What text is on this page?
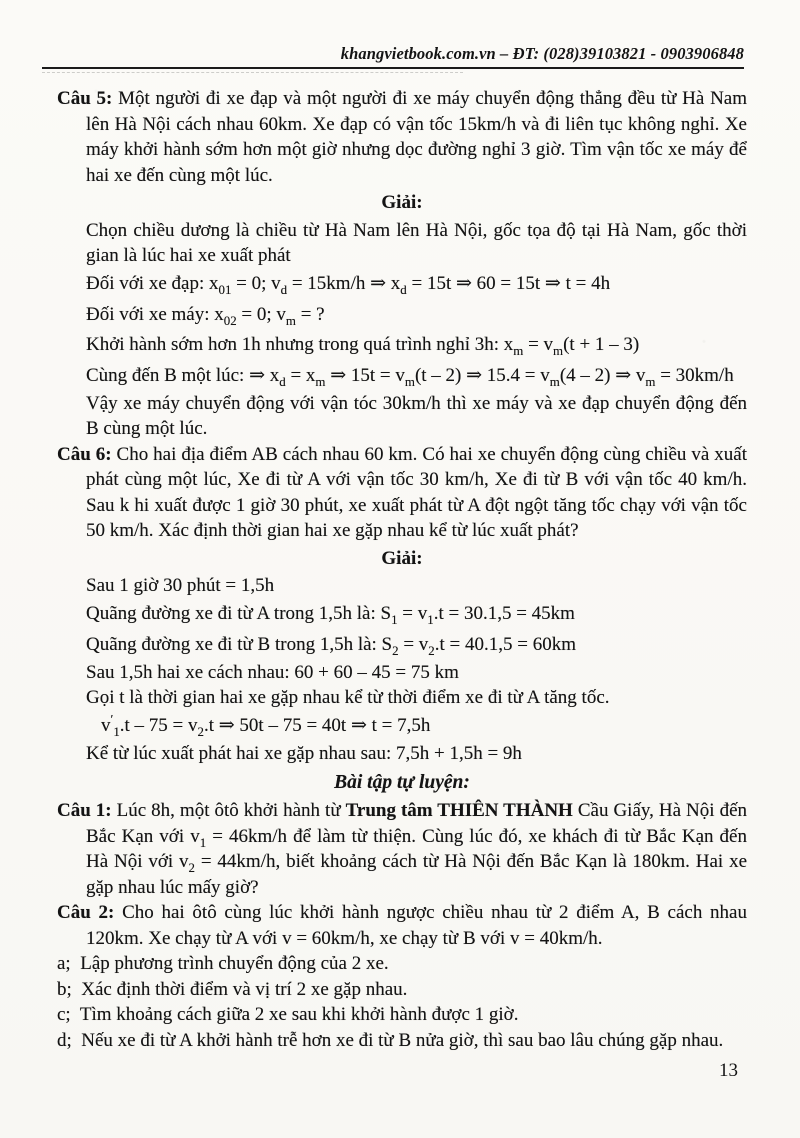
khangvietbook.com.vn – ĐT: (028)39103821 - 0903906848

Câu 5: Một người đi xe đạp và một người đi xe máy chuyển động thẳng đều từ Hà Nam lên Hà Nội cách nhau 60km. Xe đạp có vận tốc 15km/h và đi liên tục không nghỉ. Xe máy khởi hành sớm hơn một giờ nhưng dọc đường nghỉ 3 giờ. Tìm vận tốc xe máy để hai xe đến cùng một lúc.

Giải:

Chọn chiều dương là chiều từ Hà Nam lên Hà Nội, gốc tọa độ tại Hà Nam, gốc thời gian là lúc hai xe xuất phát

Đối với xe đạp: $x_{01} = 0$; $v_d = 15km/h$ ⇒ $x_d = 15t$ ⇒ 60 = 15t ⇒ t = 4h

Đối với xe máy: $x_{02} = 0$; $v_m$ = ?

Khởi hành sớm hơn 1h nhưng trong quá trình nghỉ 3h: $x_m = v_m(t + 1 - 3)$

Cùng đến B một lúc: ⇒ $x_d = x_m$ ⇒ $15t = v_m(t - 2)$ ⇒ $15.4 = v_m(4 - 2)$ ⇒ $v_m = 30km/h$

Vậy xe máy chuyển động với vận tóc 30km/h thì xe máy và xe đạp chuyển động đến B cùng một lúc.

Câu 6: Cho hai địa điểm AB cách nhau 60 km. Có hai xe chuyển động cùng chiều và xuất phát cùng một lúc, Xe đi từ A với vận tốc 30 km/h, Xe đi từ B với vận tốc 40 km/h. Sau k hi xuất được 1 giờ 30 phút, xe xuất phát từ A đột ngột tăng tốc chạy với vận tốc 50 km/h. Xác định thời gian hai xe gặp nhau kể từ lúc xuất phát?

Giải:

Sau 1 giờ 30 phút = 1,5h

Quãng đường xe đi từ A trong 1,5h là: $S_1 = v_1.t = 30.1,5 = 45km$

Quãng đường xe đi từ B trong 1,5h là: $S_2 = v_2.t = 40.1,5 = 60km$

Sau 1,5h hai xe cách nhau: 60 + 60 – 45 = 75 km

Gọi t là thời gian hai xe gặp nhau kể từ thời điểm xe đi từ A tăng tốc.

$v'_1.t - 75 = v_2.t$ ⇒ 50t – 75 = 40t ⇒ t = 7,5h

Kể từ lúc xuất phát hai xe gặp nhau sau: 7,5h + 1,5h = 9h

Bài tập tự luyện:

Câu 1: Lúc 8h, một ôtô khởi hành từ Trung tâm THIÊN THÀNH Cầu Giấy, Hà Nội đến Bắc Kạn với $v_1 = 46km/h$ để làm từ thiện. Cùng lúc đó, xe khách đi từ Bắc Kạn đến Hà Nội với $v_2 = 44km/h$, biết khoảng cách từ Hà Nội đến Bắc Kạn là 180km. Hai xe gặp nhau lúc mấy giờ?

Câu 2: Cho hai ôtô cùng lúc khởi hành ngược chiều nhau từ 2 điểm A, B cách nhau 120km. Xe chạy từ A với v = 60km/h, xe chạy từ B với v = 40km/h.

a; Lập phương trình chuyển động của 2 xe.

b; Xác định thời điểm và vị trí 2 xe gặp nhau.

c; Tìm khoảng cách giữa 2 xe sau khi khởi hành được 1 giờ.

d; Nếu xe đi từ A khởi hành trễ hơn xe đi từ B nửa giờ, thì sau bao lâu chúng gặp nhau.

13
